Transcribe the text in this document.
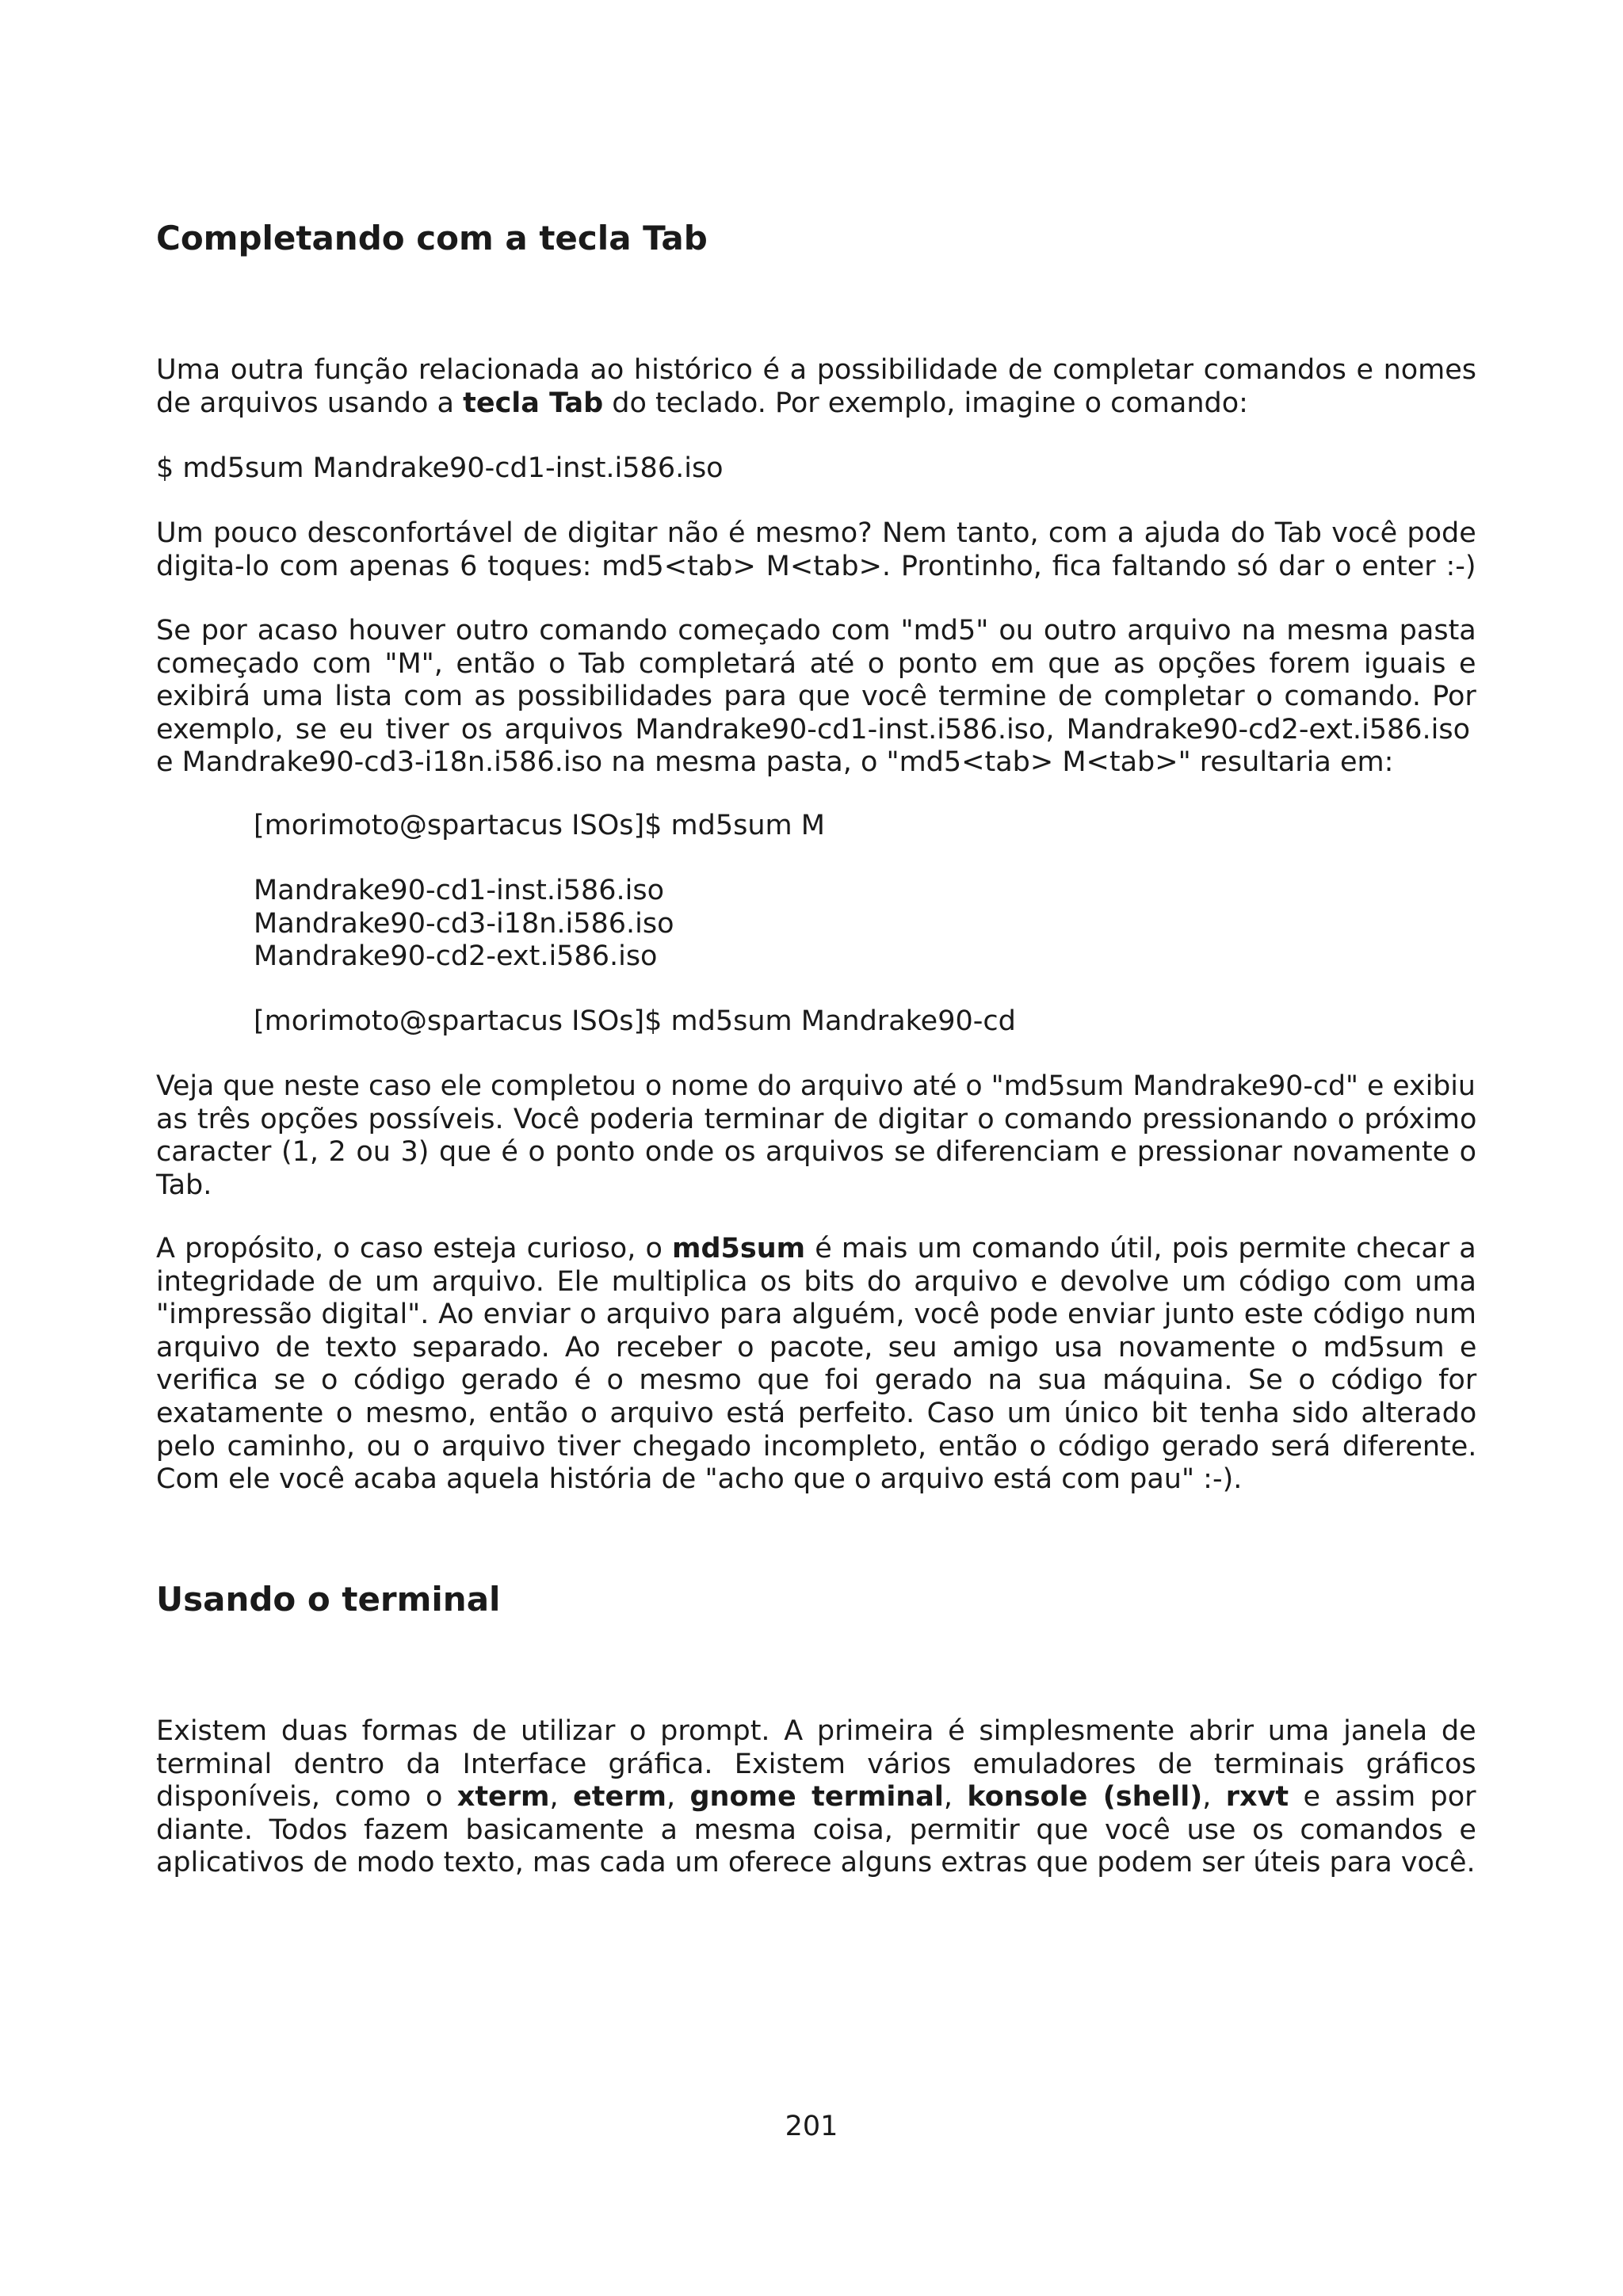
Completando com a tecla Tab
Uma outra função relacionada ao histórico é a possibilidade de completar comandos e nomes
de arquivos usando a tecla Tab do teclado. Por exemplo, imagine o comando:
$ md5sum Mandrake90-cd1-inst.i586.iso
Um pouco desconfortável de digitar não é mesmo? Nem tanto, com a ajuda do Tab você pode
digita-lo com apenas 6 toques: md5<tab> M<tab>. Prontinho, fica faltando só dar o enter :-)
Se por acaso houver outro comando começado com "md5" ou outro arquivo na mesma pasta
começado com "M", então o Tab completará até o ponto em que as opções forem iguais e
exibirá uma lista com as possibilidades para que você termine de completar o comando. Por
exemplo, se eu tiver os arquivos Mandrake90-cd1-inst.i586.iso, Mandrake90-cd2-ext.i586.iso
e Mandrake90-cd3-i18n.i586.iso na mesma pasta, o "md5<tab> M<tab>" resultaria em:
[morimoto@spartacus ISOs]$ md5sum M
Mandrake90-cd1-inst.i586.iso
Mandrake90-cd3-i18n.i586.iso
Mandrake90-cd2-ext.i586.iso
[morimoto@spartacus ISOs]$ md5sum Mandrake90-cd
Veja que neste caso ele completou o nome do arquivo até o "md5sum Mandrake90-cd" e exibiu
as três opções possíveis. Você poderia terminar de digitar o comando pressionando o próximo
caracter (1, 2 ou 3) que é o ponto onde os arquivos se diferenciam e pressionar novamente o
Tab.
A propósito, o caso esteja curioso, o md5sum é mais um comando útil, pois permite checar a
integridade de um arquivo. Ele multiplica os bits do arquivo e devolve um código com uma
"impressão digital". Ao enviar o arquivo para alguém, você pode enviar junto este código num
arquivo de texto separado. Ao receber o pacote, seu amigo usa novamente o md5sum e
verifica se o código gerado é o mesmo que foi gerado na sua máquina. Se o código for
exatamente o mesmo, então o arquivo está perfeito. Caso um único bit tenha sido alterado
pelo caminho, ou o arquivo tiver chegado incompleto, então o código gerado será diferente.
Com ele você acaba aquela história de "acho que o arquivo está com pau" :-).
Usando o terminal
Existem duas formas de utilizar o prompt. A primeira é simplesmente abrir uma janela de
terminal dentro da Interface gráfica. Existem vários emuladores de terminais gráficos
disponíveis, como o xterm, eterm, gnome terminal, konsole (shell), rxvt e assim por
diante. Todos fazem basicamente a mesma coisa, permitir que você use os comandos e
aplicativos de modo texto, mas cada um oferece alguns extras que podem ser úteis para você.
201
